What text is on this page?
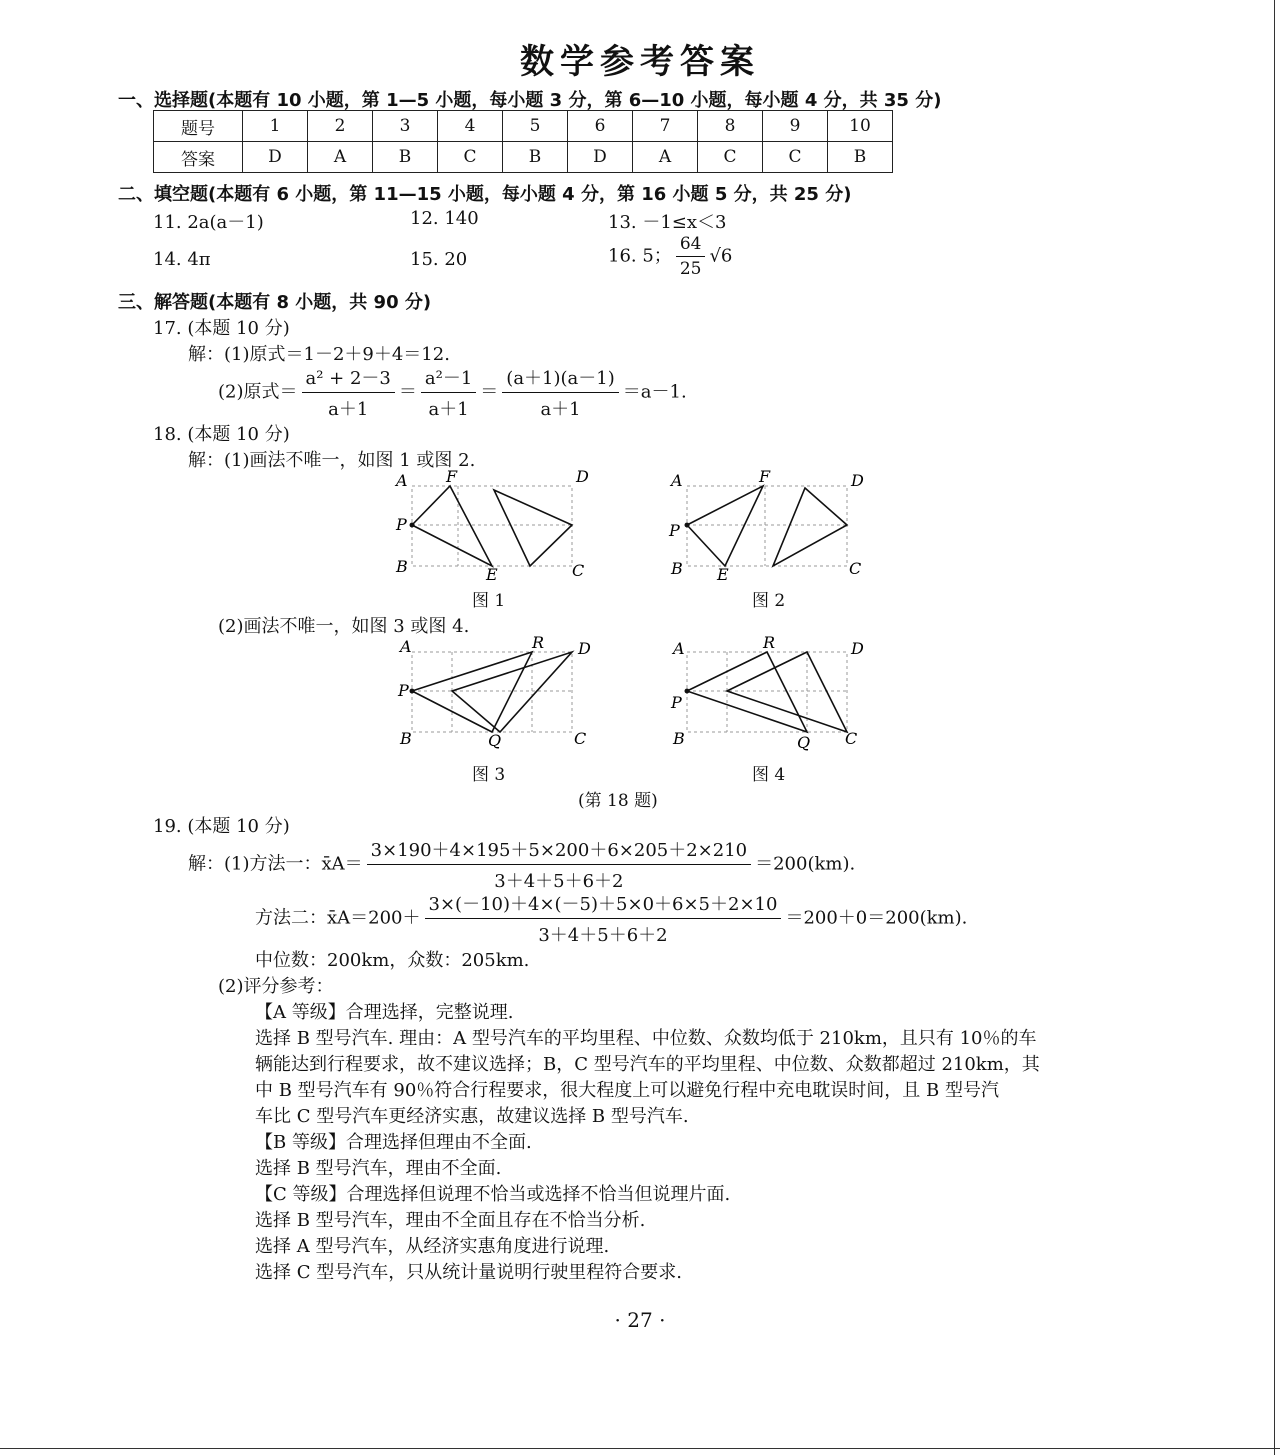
数学参考答案
一、选择题(本题有 10 小题，第 1—5 小题，每小题 3 分，第 6—10 小题，每小题 4 分，共 35 分)
题号	1	2	3	4	5	6	7	8	9	10
答案	D	A	B	C	B	D	A	C	C	B
二、填空题(本题有 6 小题，第 11—15 小题，每小题 4 分，第 16 小题 5 分，共 25 分)
11. 2a(a－1)	12. 140	13. －1≤x＜3
14. 4π	15. 20	16. 5； $\frac{64}{25} √6$
三、解答题(本题有 8 小题，共 90 分)
17. (本题 10 分)
解：(1)原式＝1－2＋9＋4＝12.
(2)原式＝ $\frac{\text{a² + 2－3}}{a+1} = \frac{\text{a²－1}}{a+1} = \frac{(a+1)(a-1)}{a+1} =a-1$.
18. (本题 10 分)
解：(1)画法不唯一，如图 1 或图 2.
A F	D
P
B	E	C
图 1
A	F	D
P
B E	C
图 2
(2)画法不唯一，如图 3 或图 4.
A	R D
P
B	Q	C
图 3
A	R	D
P
B	Q C
图 4
(第 18 题)
19. (本题 10 分)
解：(1)方法一：x̄A＝ $\frac{3\times 190+4\times 195+5\times 200+6\times 205+2\times 210}{3+4+5+6+2} =200(km)$.
方法二：x̄A＝200＋ $\frac{3\times(-10)+4\times(-5)+5\times 0+6\times 5+2\times 10}{3+4+5+6+2} =200+0=200(km)$.
中位数：200km，众数：205km.
(2)评分参考：
【A 等级】合理选择，完整说理.
选择 B 型号汽车. 理由：A 型号汽车的平均里程、中位数、众数均低于 210km，且只有 10％的车
辆能达到行程要求，故不建议选择；B，C 型号汽车的平均里程、中位数、众数都超过 210km，其
中 B 型号汽车有 90％符合行程要求，很大程度上可以避免行程中充电耽误时间，且 B 型号汽
车比 C 型号汽车更经济实惠，故建议选择 B 型号汽车.
【B 等级】合理选择但理由不全面.
选择 B 型号汽车，理由不全面.
【C 等级】合理选择但说理不恰当或选择不恰当但说理片面.
选择 B 型号汽车，理由不全面且存在不恰当分析.
选择 A 型号汽车，从经济实惠角度进行说理.
选择 C 型号汽车，只从统计量说明行驶里程符合要求.
· 27 ·
